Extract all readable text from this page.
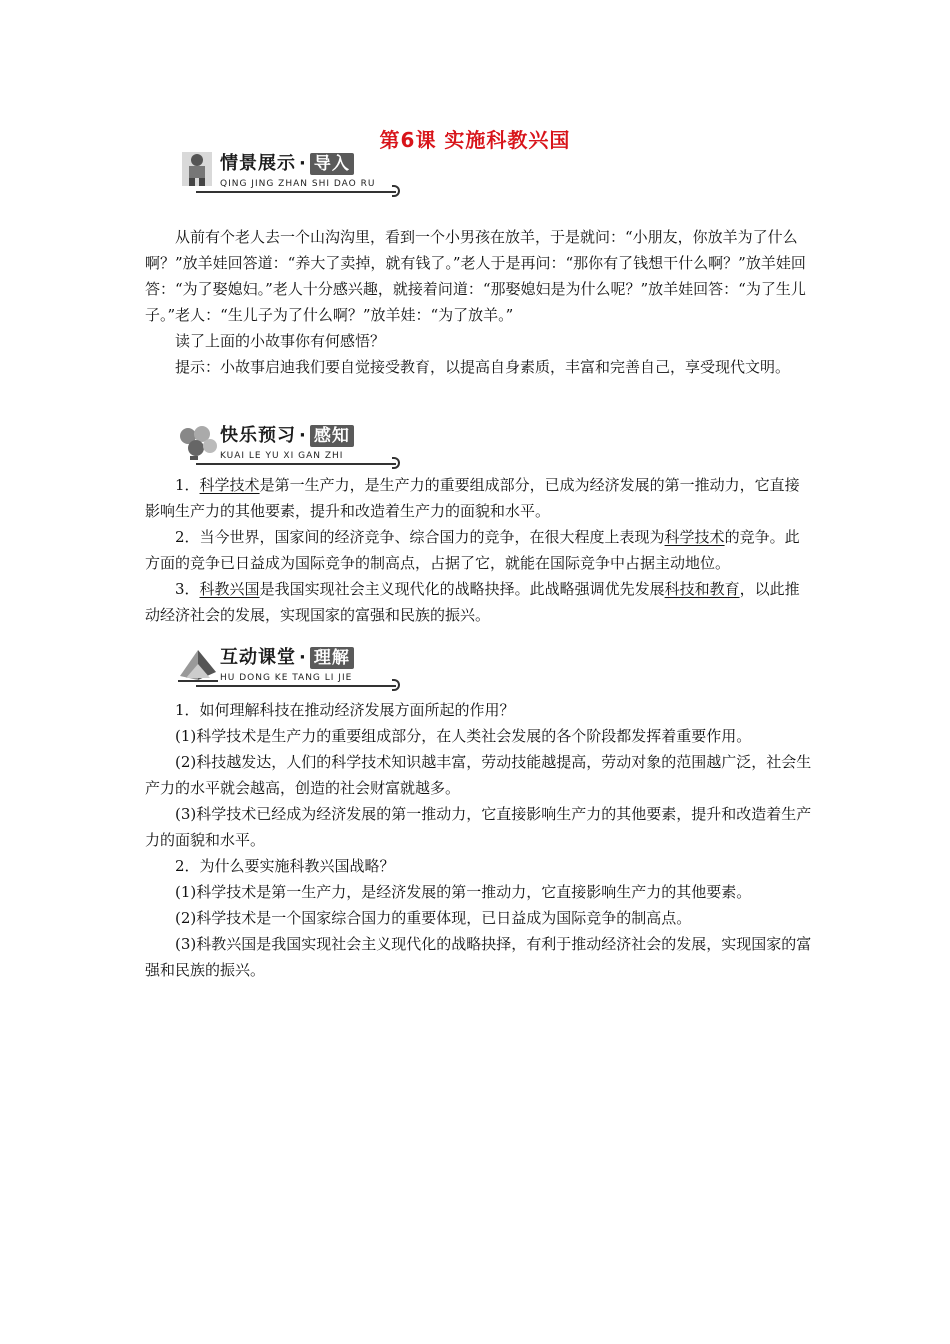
第6课 实施科教兴国
情景展示 · 导入
QING JING ZHAN SHI DAO RU

从前有个老人去一个山沟沟里，看到一个小男孩在放羊，于是就问：“小朋友，你放羊为了什么啊？”放羊娃回答道：“养大了卖掉，就有钱了。”老人于是再问：“那你有了钱想干什么啊？”放羊娃回答：“为了娶媳妇。”老人十分感兴趣，就接着问道：“那娶媳妇是为什么呢？”放羊娃回答：“为了生儿子。”老人：“生儿子为了什么啊？”放羊娃：“为了放羊。”

读了上面的小故事你有何感悟？

提示：小故事启迪我们要自觉接受教育，以提高自身素质，丰富和完善自己，享受现代文明。

快乐预习 · 感知
KUAI LE YU XI GAN ZHI

1．科学技术是第一生产力，是生产力的重要组成部分，已成为经济发展的第一推动力，它直接影响生产力的其他要素，提升和改造着生产力的面貌和水平。

2．当今世界，国家间的经济竞争、综合国力的竞争，在很大程度上表现为科学技术的竞争。此方面的竞争已日益成为国际竞争的制高点，占据了它，就能在国际竞争中占据主动地位。

3．科教兴国是我国实现社会主义现代化的战略抉择。此战略强调优先发展科技和教育，以此推动经济社会的发展，实现国家的富强和民族的振兴。

互动课堂 · 理解
HU DONG KE TANG LI JIE

1．如何理解科技在推动经济发展方面所起的作用？

(1)科学技术是生产力的重要组成部分，在人类社会发展的各个阶段都发挥着重要作用。

(2)科技越发达，人们的科学技术知识越丰富，劳动技能越提高，劳动对象的范围越广泛，社会生产力的水平就会越高，创造的社会财富就越多。

(3)科学技术已经成为经济发展的第一推动力，它直接影响生产力的其他要素，提升和改造着生产力的面貌和水平。

2．为什么要实施科教兴国战略？

(1)科学技术是第一生产力，是经济发展的第一推动力，它直接影响生产力的其他要素。

(2)科学技术是一个国家综合国力的重要体现，已日益成为国际竞争的制高点。

(3)科教兴国是我国实现社会主义现代化的战略抉择，有利于推动经济社会的发展，实现国家的富强和民族的振兴。
